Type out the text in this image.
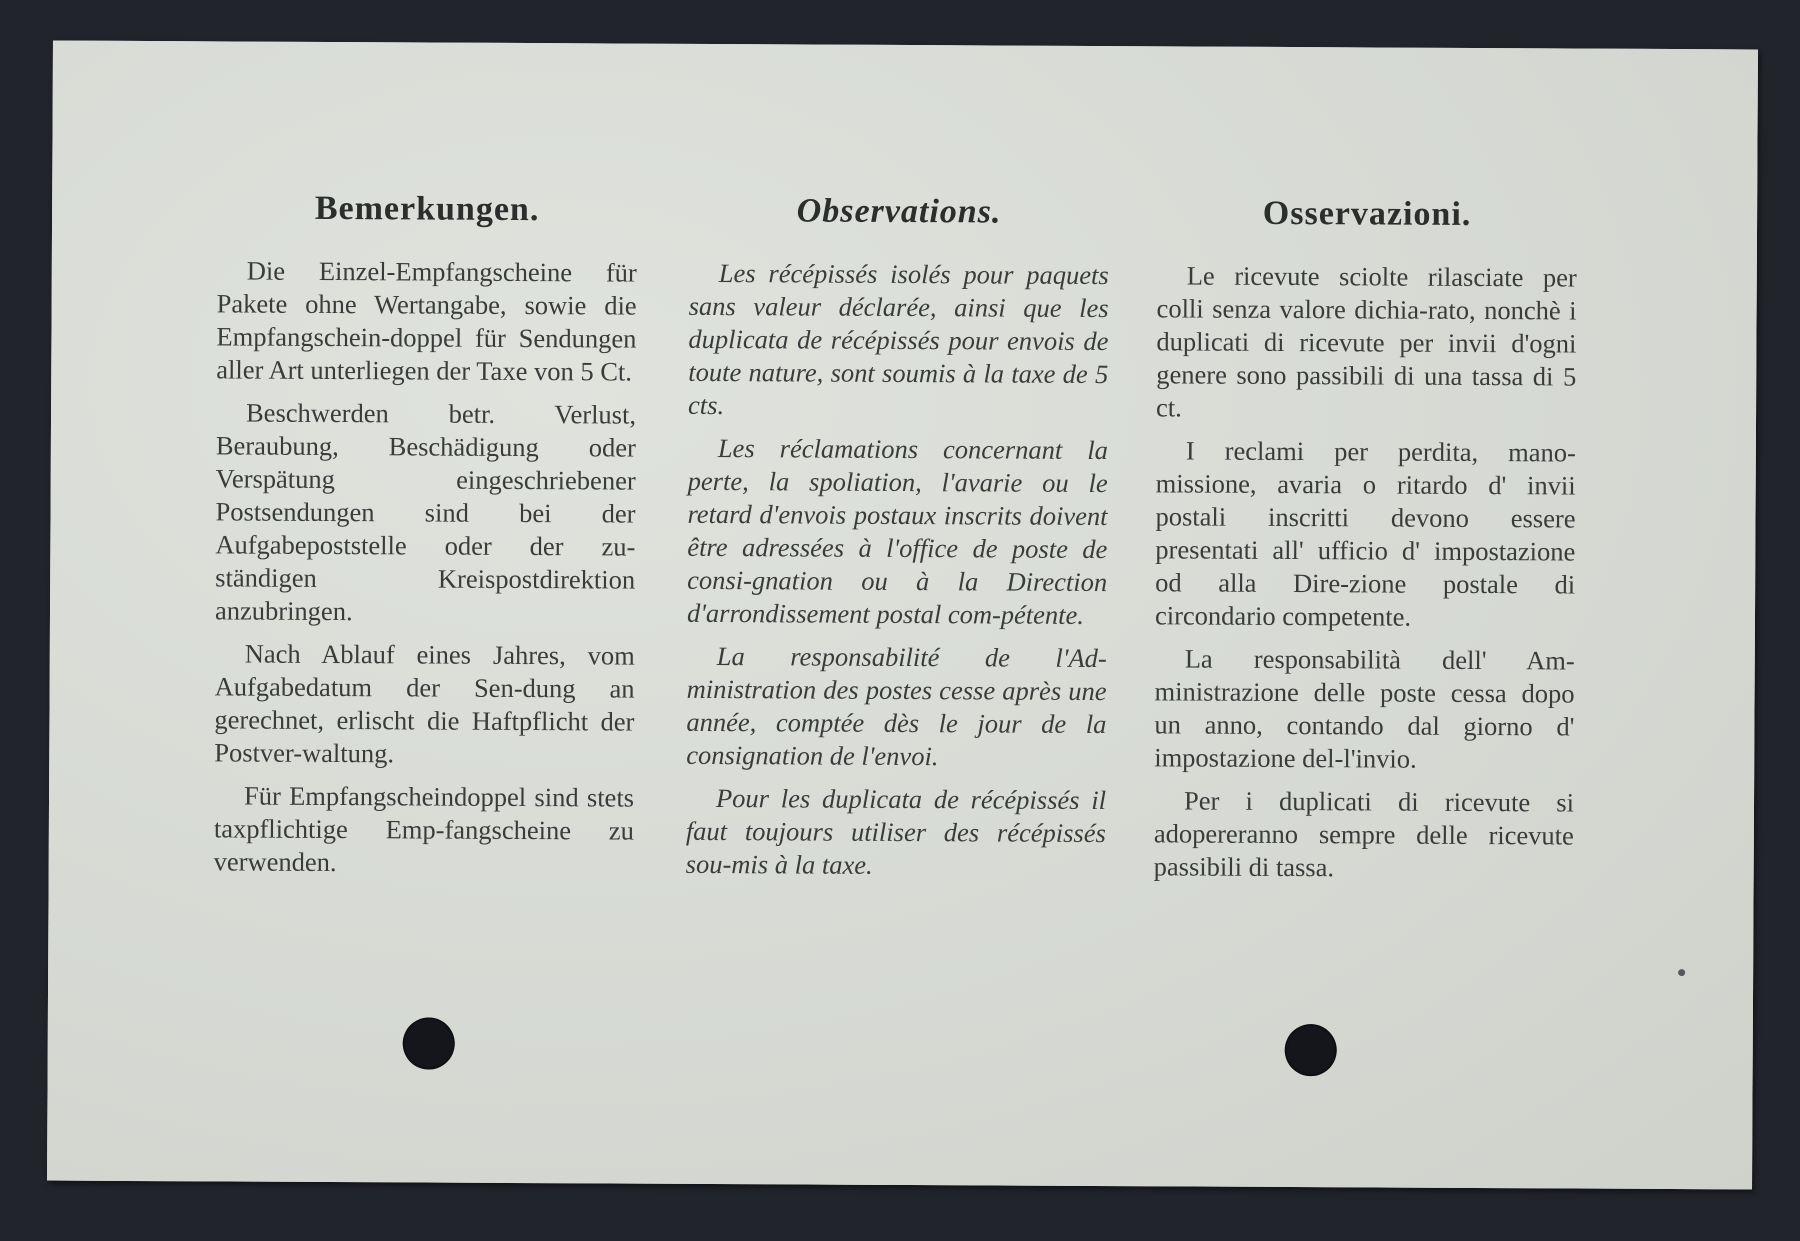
Bemerkungen.

Die Einzel-Empfangscheine für Pakete ohne Wertangabe, sowie die Empfangschein-doppel für Sendungen aller Art unterliegen der Taxe von 5 Ct.

Beschwerden betr. Verlust, Beraubung, Beschädigung oder Verspätung eingeschriebener Postsendungen sind bei der Aufgabepoststelle oder der zu-ständigen Kreispostdirektion anzubringen.

Nach Ablauf eines Jahres, vom Aufgabedatum der Sen-dung an gerechnet, erlischt die Haftpflicht der Postver-waltung.

Für Empfangscheindoppel sind stets taxpflichtige Emp-fangscheine zu verwenden.

Observations.

Les récépissés isolés pour paquets sans valeur déclarée, ainsi que les duplicata de récépissés pour envois de toute nature, sont soumis à la taxe de 5 cts.

Les réclamations concernant la perte, la spoliation, l'avarie ou le retard d'envois postaux inscrits doivent être adressées à l'office de poste de consi-gnation ou à la Direction d'arrondissement postal com-pétente.

La responsabilité de l'Ad-ministration des postes cesse après une année, comptée dès le jour de la consignation de l'envoi.

Pour les duplicata de récépissés il faut toujours utiliser des récépissés sou-mis à la taxe.

Osservazioni.

Le ricevute sciolte rilasciate per colli senza valore dichia-rato, nonchè i duplicati di ricevute per invii d'ogni genere sono passibili di una tassa di 5 ct.

I reclami per perdita, mano-missione, avaria o ritardo d' invii postali inscritti devono essere presentati all' ufficio d' impostazione od alla Dire-zione postale di circondario competente.

La responsabilità dell' Am-ministrazione delle poste cessa dopo un anno, contando dal giorno d' impostazione del-l'invio.

Per i duplicati di ricevute si adopereranno sempre delle ricevute passibili di tassa.
